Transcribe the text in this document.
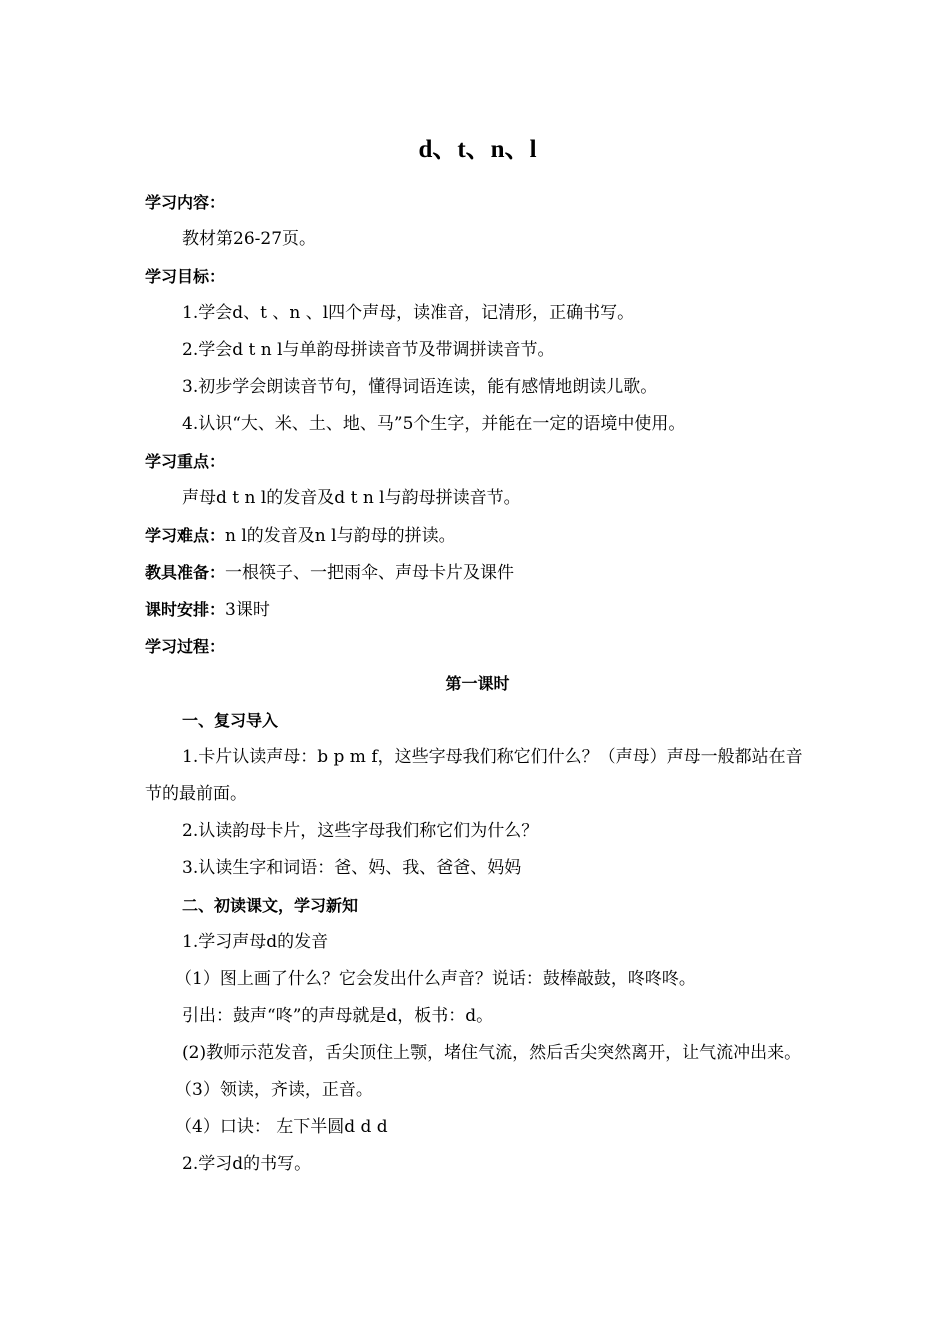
d、t、n、l
学习内容：
教材第26-27页。
学习目标：
1.学会d、t 、n 、l四个声母，读准音，记清形，正确书写。
2.学会d t n l与单韵母拼读音节及带调拼读音节。
3.初步学会朗读音节句，懂得词语连读，能有感情地朗读儿歌。
4.认识“大、米、土、地、马”5个生字，并能在一定的语境中使用。
学习重点：
声母d t n l的发音及d t n l与韵母拼读音节。
学习难点：n l的发音及n l与韵母的拼读。
教具准备：一根筷子、一把雨伞、声母卡片及课件
课时安排：3课时
学习过程：
第一课时
一、复习导入
1.卡片认读声母：b p m f，这些字母我们称它们什么？（声母）声母一般都站在音节的最前面。
2.认读韵母卡片，这些字母我们称它们为什么？
3.认读生字和词语：爸、妈、我、爸爸、妈妈
二、初读课文，学习新知
1.学习声母d的发音
（1）图上画了什么？它会发出什么声音？说话：鼓棒敲鼓，咚咚咚。
引出：鼓声“咚”的声母就是d，板书：d。
(2)教师示范发音，舌尖顶住上颚，堵住气流，然后舌尖突然离开，让气流冲出来。
（3）领读，齐读，正音。
（4）口诀： 左下半圆d d d
2.学习d的书写。
